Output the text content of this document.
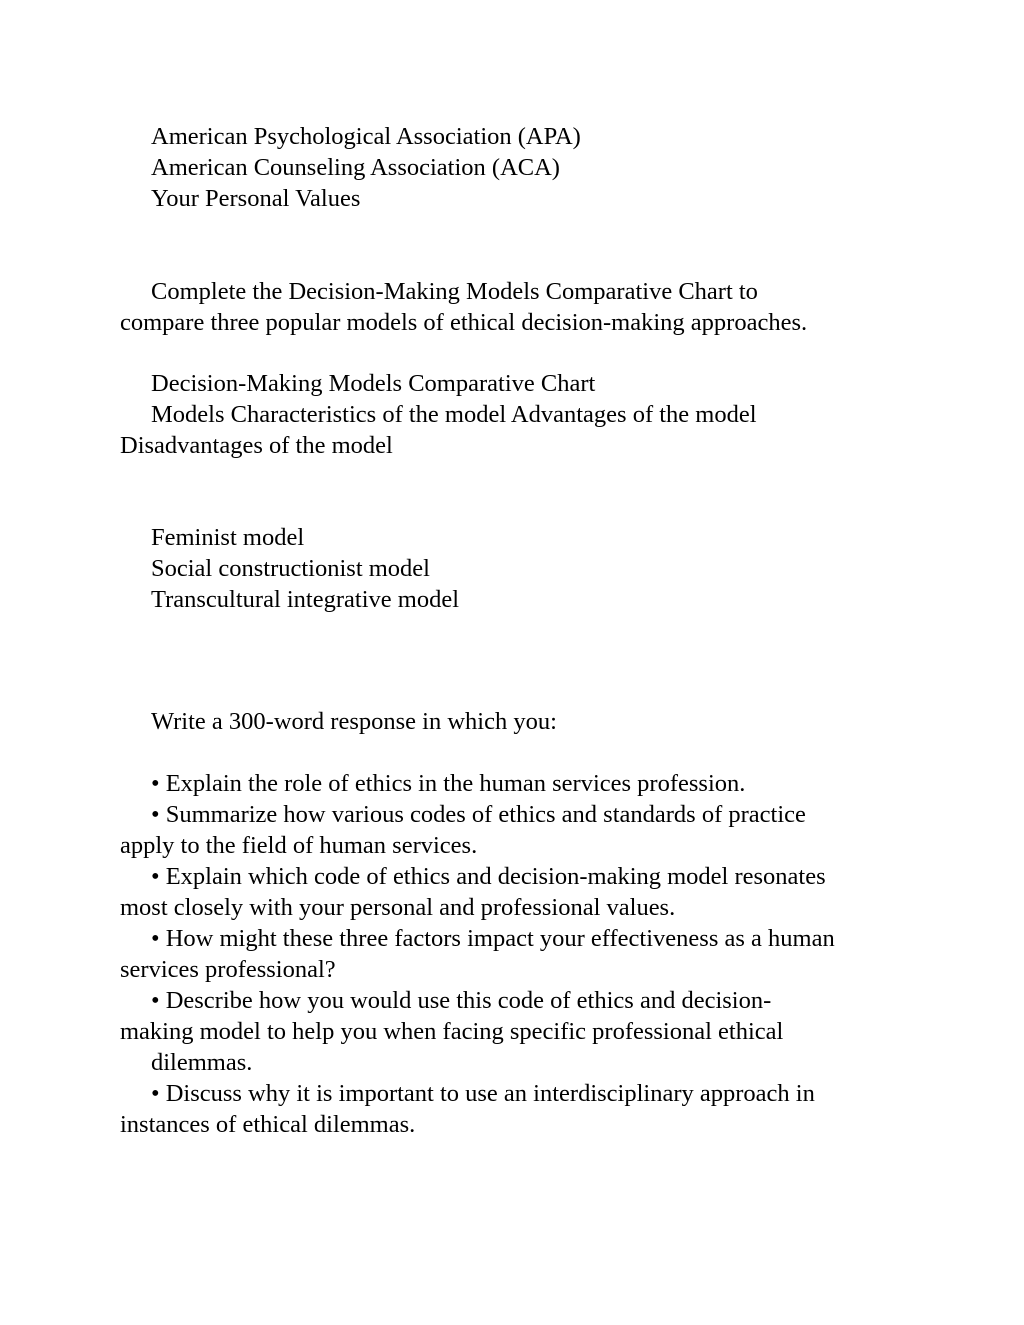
American Psychological Association (APA)
American Counseling Association (ACA)
Your Personal Values
Complete the Decision-Making Models Comparative Chart to
compare three popular models of ethical decision-making approaches.
Decision-Making Models Comparative Chart
Models Characteristics of the model Advantages of the model
Disadvantages of the model
Feminist model
Social constructionist model
Transcultural integrative model
Write a 300-word response in which you:
• Explain the role of ethics in the human services profession.
• Summarize how various codes of ethics and standards of practice
apply to the field of human services.
• Explain which code of ethics and decision-making model resonates
most closely with your personal and professional values.
• How might these three factors impact your effectiveness as a human
services professional?
• Describe how you would use this code of ethics and decision-
making model to help you when facing specific professional ethical
dilemmas.
• Discuss why it is important to use an interdisciplinary approach in
instances of ethical dilemmas.
